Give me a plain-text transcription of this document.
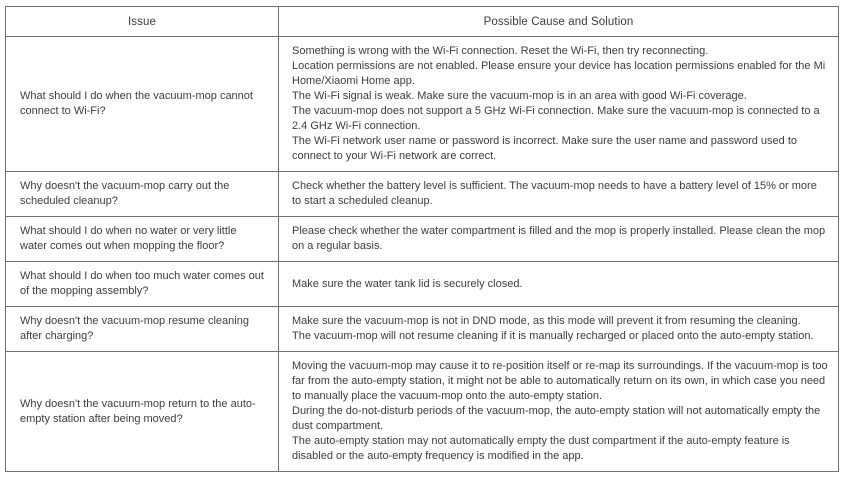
Issue	Possible Cause and Solution
What should I do when the vacuum-mop cannot connect to Wi-Fi?	Something is wrong with the Wi-Fi connection. Reset the Wi-Fi, then try reconnecting.

Location permissions are not enabled. Please ensure your device has location permissions enabled for the Mi Home/Xiaomi Home app.

The Wi-Fi signal is weak. Make sure the vacuum-mop is in an area with good Wi-Fi coverage.

The vacuum-mop does not support a 5 GHz Wi-Fi connection. Make sure the vacuum-mop is connected to a 2.4 GHz Wi-Fi connection.

The Wi-Fi network user name or password is incorrect. Make sure the user name and password used to connect to your Wi-Fi network are correct.

Why doesn't the vacuum-mop carry out the scheduled cleanup?	Check whether the battery level is sufficient. The vacuum-mop needs to have a battery level of 15% or more to start a scheduled cleanup.

What should I do when no water or very little water comes out when mopping the floor?	Please check whether the water compartment is filled and the mop is properly installed. Please clean the mop on a regular basis.

What should I do when too much water comes out of the mopping assembly?	Make sure the water tank lid is securely closed.

Why doesn't the vacuum-mop resume cleaning after charging?	Make sure the vacuum-mop is not in DND mode, as this mode will prevent it from resuming the cleaning.

The vacuum-mop will not resume cleaning if it is manually recharged or placed onto the auto-empty station.

Why doesn't the vacuum-mop return to the auto-empty station after being moved?	Moving the vacuum-mop may cause it to re-position itself or re-map its surroundings. If the vacuum-mop is too far from the auto-empty station, it might not be able to automatically return on its own, in which case you need to manually place the vacuum-mop onto the auto-empty station.

During the do-not-disturb periods of the vacuum-mop, the auto-empty station will not automatically empty the dust compartment.

The auto-empty station may not automatically empty the dust compartment if the auto-empty feature is disabled or the auto-empty frequency is modified in the app.
